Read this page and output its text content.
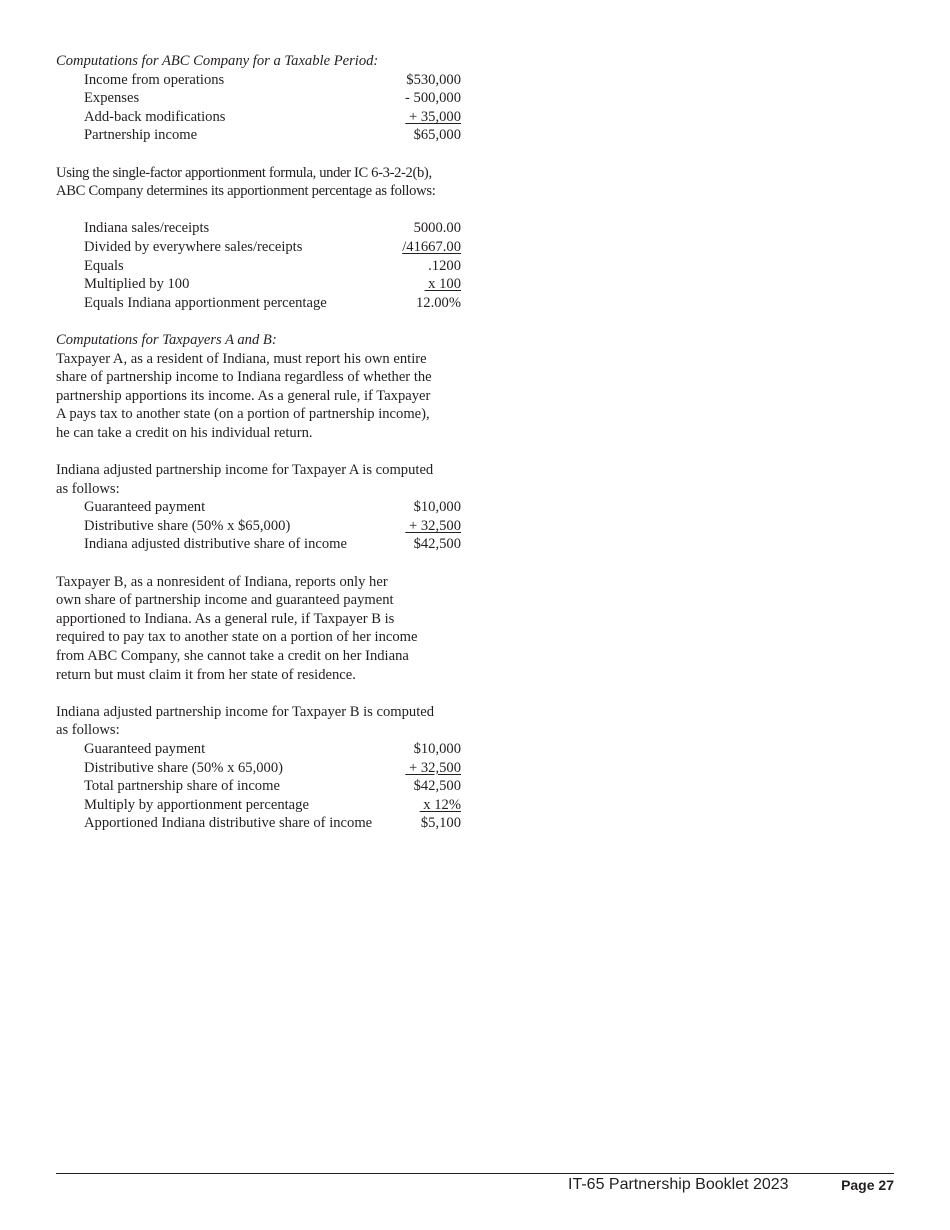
Computations for ABC Company for a Taxable Period:

Income from operations	$530,000
Expenses	- 500,000
Add-back modifications	+ 35,000
Partnership income	$65,000

Using the single-factor apportionment formula, under IC 6-3-2-2(b),

ABC Company determines its apportionment percentage as follows:

Indiana sales/receipts	5000.00
Divided by everywhere sales/receipts	/41667.00
Equals	.1200
Multiplied by 100	x 100
Equals Indiana apportionment percentage	12.00%

Computations for Taxpayers A and B:

Taxpayer A, as a resident of Indiana, must report his own entire

share of partnership income to Indiana regardless of whether the

partnership apportions its income. As a general rule, if Taxpayer

A pays tax to another state (on a portion of partnership income),

he can take a credit on his individual return.

Indiana adjusted partnership income for Taxpayer A is computed

as follows:

Guaranteed payment	$10,000
Distributive share (50% x $65,000)	+ 32,500
Indiana adjusted distributive share of income	$42,500

Taxpayer B, as a nonresident of Indiana, reports only her

own share of partnership income and guaranteed payment

apportioned to Indiana. As a general rule, if Taxpayer B is

required to pay tax to another state on a portion of her income

from ABC Company, she cannot take a credit on her Indiana

return but must claim it from her state of residence.

Indiana adjusted partnership income for Taxpayer B is computed

as follows:

Guaranteed payment	$10,000
Distributive share (50% x 65,000)	+ 32,500
Total partnership share of income	$42,500
Multiply by apportionment percentage	x 12%
Apportioned Indiana distributive share of income	$5,100
IT-65 Partnership Booklet 2023	Page 27
